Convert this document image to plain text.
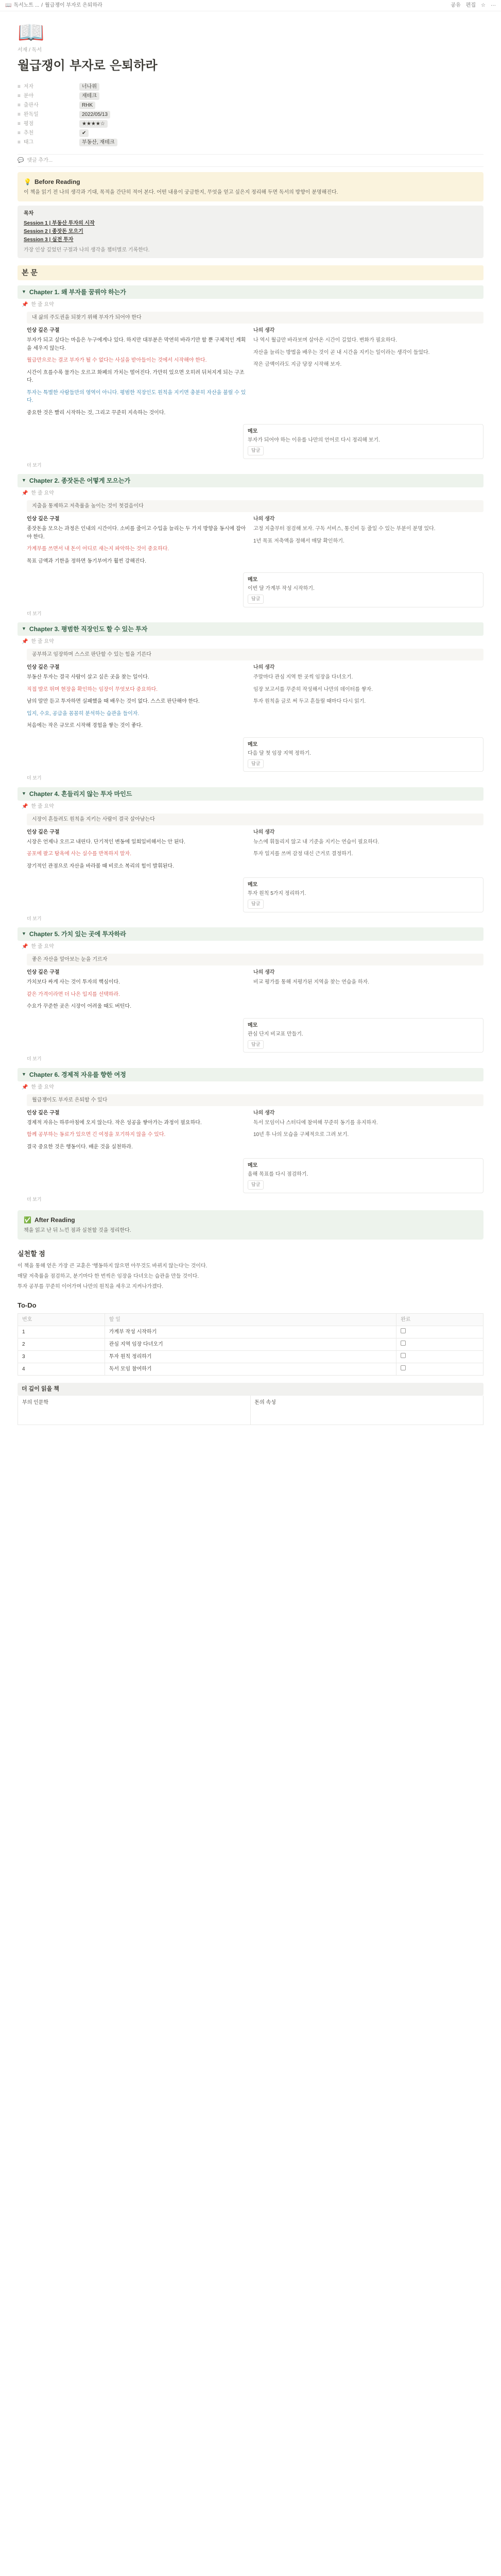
📖 독서노트 ... / 월급쟁이 부자로 은퇴하라	공유 편집 ☆ ···
📖
서재 / 독서
월급쟁이 부자로 은퇴하라
≡ 저자	너나위
≡ 분야	재테크
≡ 출판사	RHK
≡ 완독일	2022/05/13
≡ 평점	★★★★☆
≡ 추천	✔
≡ 태그	부동산, 재테크
💬 댓글 추가...
💡 Before Reading

이 책을 읽기 전 나의 생각과 기대, 목적을 간단히 적어 본다. 어떤 내용이 궁금한지, 무엇을 얻고 싶은지 정리해 두면 독서의 방향이 분명해진다.

목차
Session 1 | 부동산 투자의 시작
Session 2 | 종잣돈 모으기
Session 3 | 실전 투자
가장 인상 깊었던 구절과 나의 생각을 챕터별로 기록한다.
본 문
▼ Chapter 1. 왜 부자를 꿈꿔야 하는가
📌 한 줄 요약
내 삶의 주도권을 되찾기 위해 부자가 되어야 한다
인상 깊은 구절
부자가 되고 싶다는 마음은 누구에게나 있다. 하지만 대부분은 막연히 바라기만 할 뿐 구체적인 계획을 세우지 않는다.
월급만으로는 결코 부자가 될 수 없다는 사실을 받아들이는 것에서 시작해야 한다.
시간이 흐를수록 물가는 오르고 화폐의 가치는 떨어진다. 가만히 있으면 오히려 뒤처지게 되는 구조다.
투자는 특별한 사람들만의 영역이 아니다. 평범한 직장인도 원칙을 지키면 충분히 자산을 불릴 수 있다.
중요한 것은 빨리 시작하는 것, 그리고 꾸준히 지속하는 것이다.
나의 생각
나 역시 월급만 바라보며 살아온 시간이 길었다. 변화가 필요하다.
자산을 늘리는 방법을 배우는 것이 곧 내 시간을 지키는 일이라는 생각이 들었다.
작은 금액이라도 지금 당장 시작해 보자.
메모
부자가 되어야 하는 이유를 나만의 언어로 다시 정리해 보기.
답글
더 보기
▼ Chapter 2. 종잣돈은 어떻게 모으는가
📌 한 줄 요약
지출을 통제하고 저축률을 높이는 것이 첫걸음이다
인상 깊은 구절
종잣돈을 모으는 과정은 인내의 시간이다. 소비를 줄이고 수입을 늘리는 두 가지 방향을 동시에 잡아야 한다.
가계부를 쓰면서 내 돈이 어디로 새는지 파악하는 것이 중요하다.
목표 금액과 기한을 정하면 동기부여가 훨씬 강해진다.
나의 생각
고정 지출부터 점검해 보자. 구독 서비스, 통신비 등 줄일 수 있는 부분이 분명 있다.
1년 목표 저축액을 정해서 매달 확인하기.
메모
이번 달 가계부 작성 시작하기.
답글
더 보기
▼ Chapter 3. 평범한 직장인도 할 수 있는 투자
📌 한 줄 요약
공부하고 임장하며 스스로 판단할 수 있는 힘을 기른다
인상 깊은 구절
부동산 투자는 결국 사람이 살고 싶은 곳을 찾는 일이다.
직접 발로 뛰며 현장을 확인하는 임장이 무엇보다 중요하다.
남의 말만 듣고 투자하면 실패했을 때 배우는 것이 없다. 스스로 판단해야 한다.
입지, 수요, 공급을 꼼꼼히 분석하는 습관을 들이자.
처음에는 작은 규모로 시작해 경험을 쌓는 것이 좋다.
나의 생각
주말마다 관심 지역 한 곳씩 임장을 다녀오기.
임장 보고서를 꾸준히 작성해서 나만의 데이터를 쌓자.
투자 원칙을 글로 써 두고 흔들릴 때마다 다시 읽기.
메모
다음 달 첫 임장 지역 정하기.
답글
더 보기
▼ Chapter 4. 흔들리지 않는 투자 마인드
📌 한 줄 요약
시장이 흔들려도 원칙을 지키는 사람이 결국 살아남는다
인상 깊은 구절
시장은 언제나 오르고 내린다. 단기적인 변동에 일희일비해서는 안 된다.
공포에 팔고 탐욕에 사는 실수를 반복하지 말자.
장기적인 관점으로 자산을 바라볼 때 비로소 복리의 힘이 발휘된다.
나의 생각
뉴스에 휘둘리지 않고 내 기준을 지키는 연습이 필요하다.
투자 일지를 쓰며 감정 대신 근거로 결정하기.
메모
투자 원칙 5가지 정리하기.
답글
더 보기
▼ Chapter 5. 가치 있는 곳에 투자하라
📌 한 줄 요약
좋은 자산을 알아보는 눈을 기르자
인상 깊은 구절
가치보다 싸게 사는 것이 투자의 핵심이다.
같은 가격이라면 더 나은 입지를 선택하라.
수요가 꾸준한 곳은 시장이 어려울 때도 버틴다.
나의 생각
비교 평가를 통해 저평가된 지역을 찾는 연습을 하자.
메모
관심 단지 비교표 만들기.
답글
더 보기
▼ Chapter 6. 경제적 자유를 향한 여정
📌 한 줄 요약
월급쟁이도 부자로 은퇴할 수 있다
인상 깊은 구절
경제적 자유는 하루아침에 오지 않는다. 작은 성공을 쌓아가는 과정이 필요하다.
함께 공부하는 동료가 있으면 긴 여정을 포기하지 않을 수 있다.
결국 중요한 것은 행동이다. 배운 것을 실천하라.
나의 생각
독서 모임이나 스터디에 참여해 꾸준히 동기를 유지하자.
10년 후 나의 모습을 구체적으로 그려 보기.
메모
올해 목표를 다시 점검하기.
답글
더 보기
✅ After Reading

책을 읽고 난 뒤 느낀 점과 실천할 것을 정리한다.

실천할 점
이 책을 통해 얻은 가장 큰 교훈은 '행동하지 않으면 아무것도 바뀌지 않는다'는 것이다.
매달 저축률을 점검하고, 분기마다 한 번씩은 임장을 다녀오는 습관을 만들 것이다.
투자 공부를 꾸준히 이어가며 나만의 원칙을 세우고 지켜나가겠다.
To-Do
번호	할 일	완료
1	가계부 작성 시작하기	
2	관심 지역 임장 다녀오기	
3	투자 원칙 정리하기	
4	독서 모임 참여하기	
더 깊이 읽을 책
부의 인문학	돈의 속성
